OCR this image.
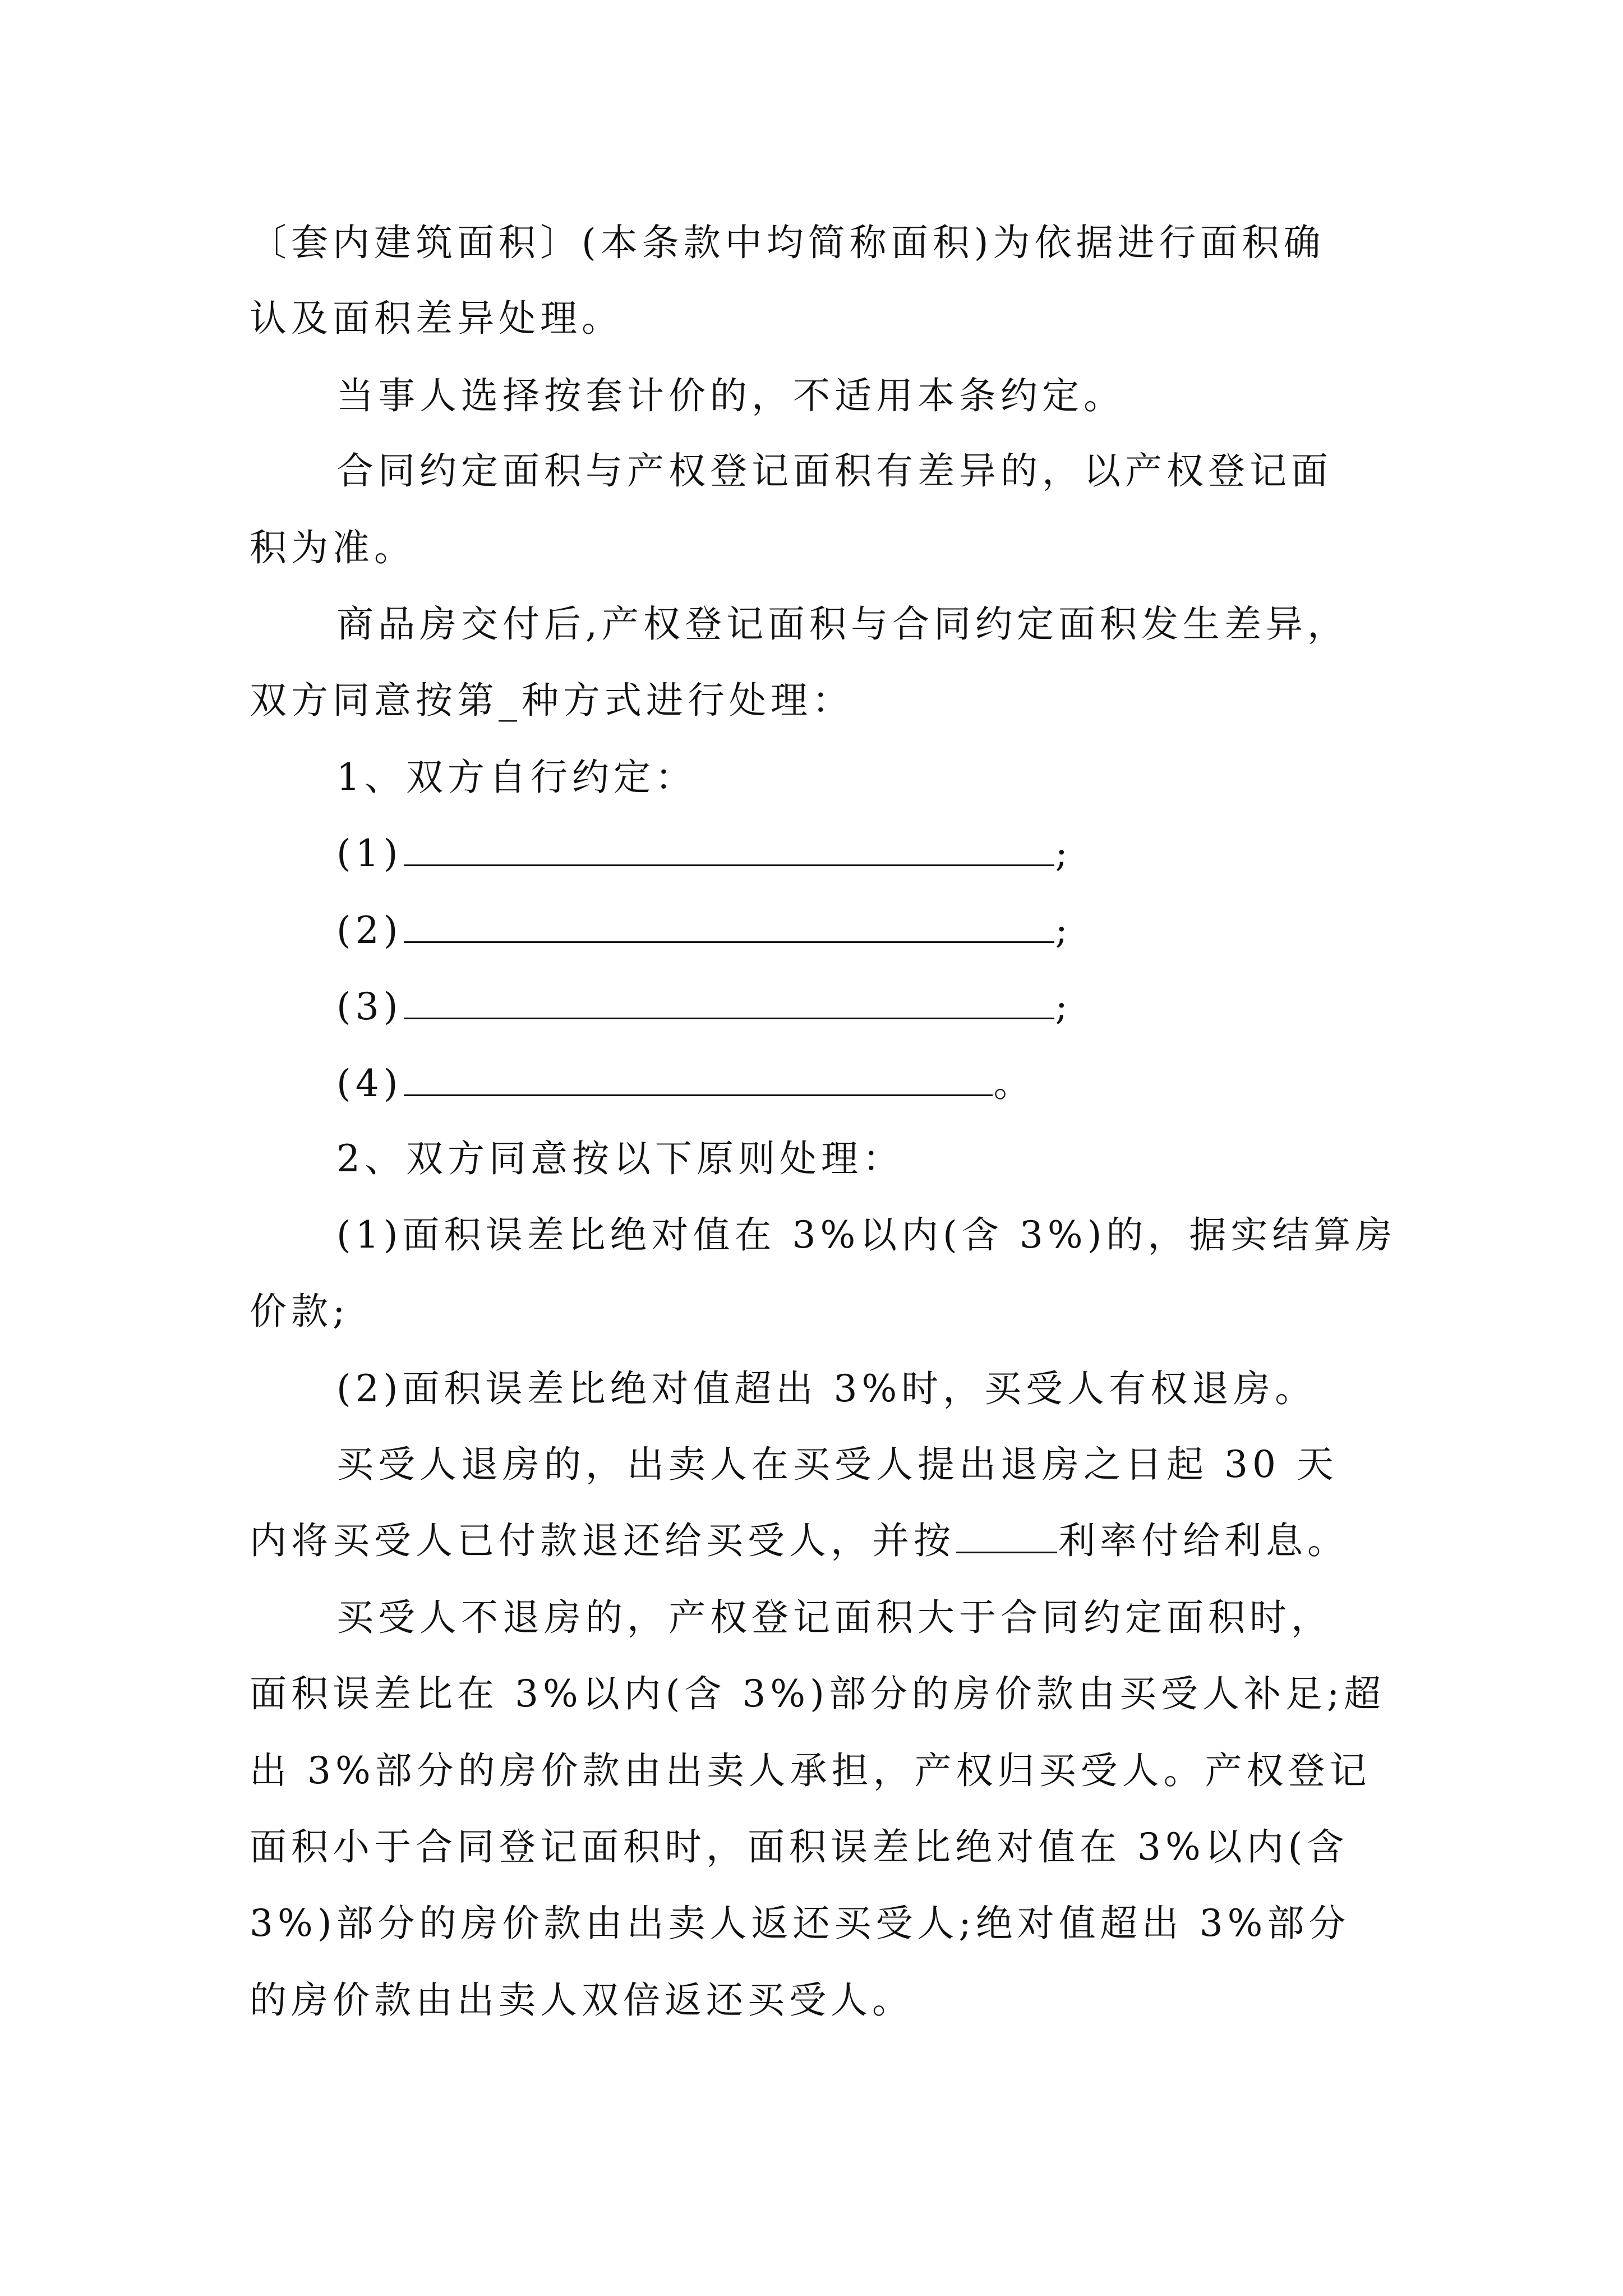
〔套内建筑面积〕(本条款中均简称面积)为依据进行面积确
认及面积差异处理。
当事人选择按套计价的，不适用本条约定。
合同约定面积与产权登记面积有差异的，以产权登记面
积为准。
商品房交付后,产权登记面积与合同约定面积发生差异，
双方同意按第_种方式进行处理：
1、双方自行约定：
(1)	;
(2)	;
(3)	;
(4)	。
2、双方同意按以下原则处理：
(1)面积误差比绝对值在 3%以内(含 3%)的，据实结算房
价款;
(2)面积误差比绝对值超出 3%时，买受人有权退房。
买受人退房的，出卖人在买受人提出退房之日起 30 天
内将买受人已付款退还给买受人，并按	利率付给利息。
买受人不退房的，产权登记面积大于合同约定面积时，
面积误差比在 3%以内(含 3%)部分的房价款由买受人补足;超
出 3%部分的房价款由出卖人承担，产权归买受人。产权登记
面积小于合同登记面积时，面积误差比绝对值在 3%以内(含
3%)部分的房价款由出卖人返还买受人;绝对值超出 3%部分
的房价款由出卖人双倍返还买受人。
